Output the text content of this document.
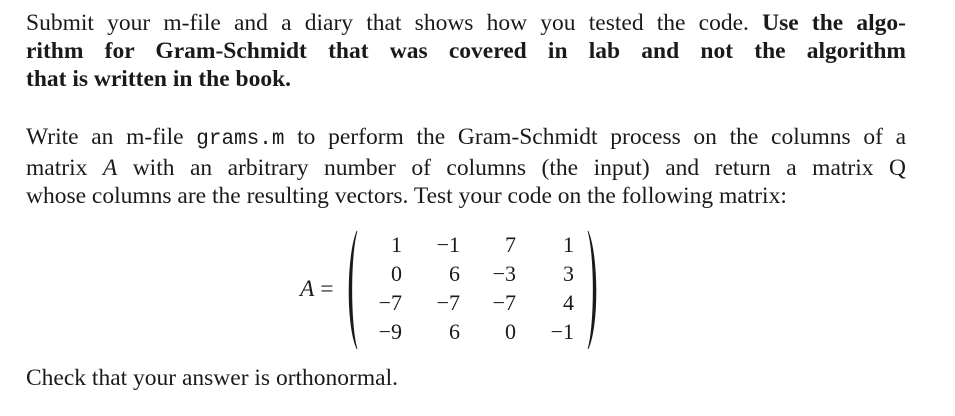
Submit your m-file and a diary that shows how you tested the code. Use the algo-
rithm for Gram-Schmidt that was covered in lab and not the algorithm
that is written in the book.
Write an m-file grams.m to perform the Gram-Schmidt process on the columns of a
matrix A with an arbitrary number of columns (the input) and return a matrix Q
whose columns are the resulting vectors. Test your code on the following matrix:
A =
1	−1	7	1
0	6	−3	3
−7	−7	−7	4
−9	6	0	−1
Check that your answer is orthonormal.
